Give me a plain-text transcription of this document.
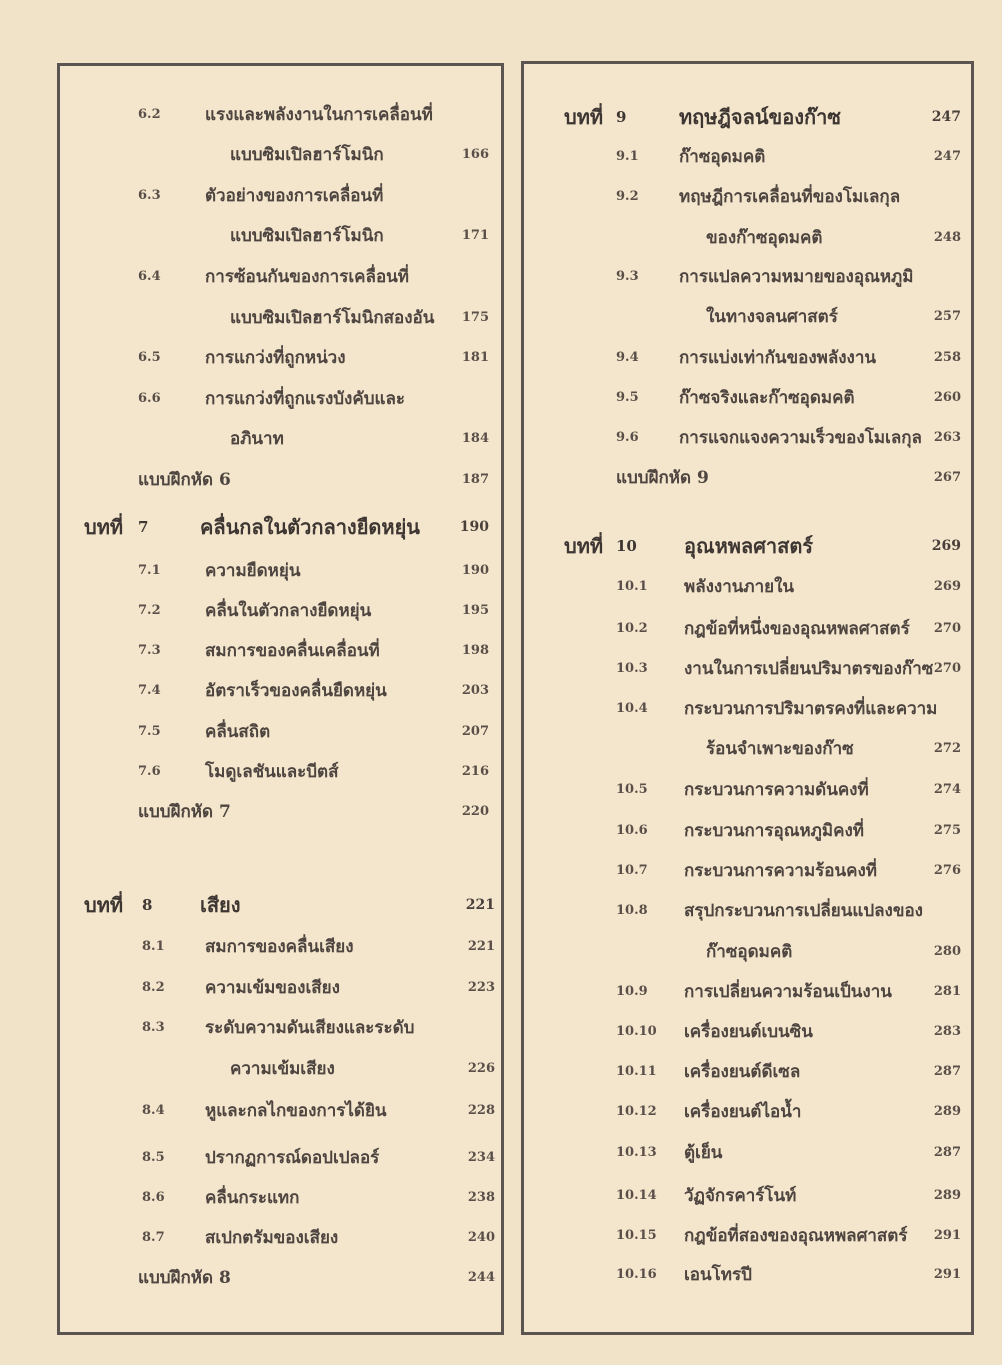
6.2	แรงและพลังงานในการเคลื่อนที่
แบบซิมเปิลฮาร์โมนิก	166
6.3	ตัวอย่างของการเคลื่อนที่
แบบซิมเปิลฮาร์โมนิก	171
6.4	การซ้อนกันของการเคลื่อนที่
แบบซิมเปิลฮาร์โมนิกสองอัน 175
6.5	การแกว่งที่ถูกหน่วง	181
6.6	การแกว่งที่ถูกแรงบังคับและ
อภินาท	184
แบบฝึกหัด 6	187
บทที่ 7	คลื่นกลในตัวกลางยืดหยุ่น	190
7.1	ความยืดหยุ่น	190
7.2	คลื่นในตัวกลางยืดหยุ่น	195
7.3	สมการของคลื่นเคลื่อนที่	198
7.4	อัตราเร็วของคลื่นยืดหยุ่น	203
7.5	คลื่นสถิต	207
7.6	โมดูเลชันและบีตส์	216
แบบฝึกหัด 7	220
บทที่ 8 เสียง	221
8.1 สมการของคลื่นเสียง	221
8.2 ความเข้มของเสียง	223
8.3 ระดับความดันเสียงและระดับ
ความเข้มเสียง	226
8.4 หูและกลไกของการได้ยิน	228
8.5 ปรากฏการณ์ดอปเปลอร์	234
8.6 คลื่นกระแทก	238
8.7 สเปกตรัมของเสียง	240
แบบฝึกหัด 8	244
บทที่ 9	ทฤษฎีจลน์ของก๊าซ	247
9.1 ก๊าซอุดมคติ	247
9.2 ทฤษฎีการเคลื่อนที่ของโมเลกุล
ของก๊าซอุดมคติ	248
9.3 การแปลความหมายของอุณหภูมิ
ในทางจลนศาสตร์	257
9.4 การแบ่งเท่ากันของพลังงาน	258
9.5 ก๊าซจริงและก๊าซอุดมคติ	260
9.6 การแจกแจงความเร็วของโมเลกุล 263
แบบฝึกหัด 9	267
บทที่ 10 อุณหพลศาสตร์	269
10.1 พลังงานภายใน	269
10.2 กฎข้อที่หนึ่งของอุณหพลศาสตร์ 270
10.3 งานในการเปลี่ยนปริมาตรของก๊าซ 270
10.4 กระบวนการปริมาตรคงที่และความ
ร้อนจำเพาะของก๊าซ	272
10.5 กระบวนการความดันคงที่	274
10.6 กระบวนการอุณหภูมิคงที่	275
10.7 กระบวนการความร้อนคงที่	276
10.8 สรุปกระบวนการเปลี่ยนแปลงของ
ก๊าซอุดมคติ	280
10.9 การเปลี่ยนความร้อนเป็นงาน	281
10.10 เครื่องยนต์เบนซิน	283
10.11 เครื่องยนต์ดีเซล	287
10.12 เครื่องยนต์ไอน้ำ	289
10.13 ตู้เย็น	287
10.14 วัฏจักรคาร์โนท์	289
10.15 กฎข้อที่สองของอุณหพลศาสตร์ 291
10.16 เอนโทรปี	291
